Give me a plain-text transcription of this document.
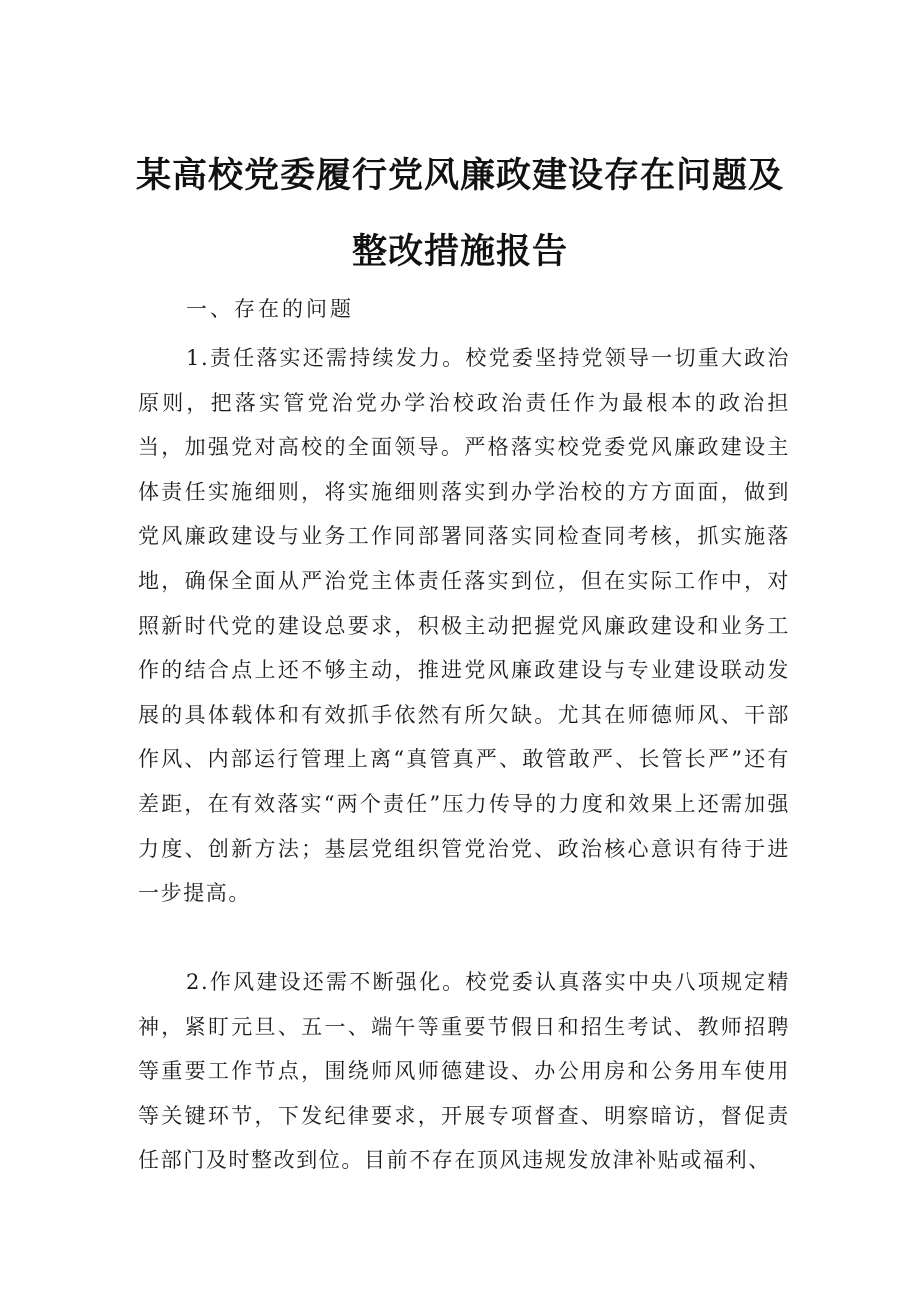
某高校党委履行党风廉政建设存在问题及
整改措施报告

一、存在的问题

1.责任落实还需持续发力。校党委坚持党领导一切重大政治原则，把落实管党治党办学治校政治责任作为最根本的政治担当，加强党对高校的全面领导。严格落实校党委党风廉政建设主体责任实施细则，将实施细则落实到办学治校的方方面面，做到党风廉政建设与业务工作同部署同落实同检查同考核，抓实施落地，确保全面从严治党主体责任落实到位，但在实际工作中，对照新时代党的建设总要求，积极主动把握党风廉政建设和业务工作的结合点上还不够主动，推进党风廉政建设与专业建设联动发展的具体载体和有效抓手依然有所欠缺。尤其在师德师风、干部作风、内部运行管理上离“真管真严、敢管敢严、长管长严”还有差距，在有效落实“两个责任”压力传导的力度和效果上还需加强力度、创新方法；基层党组织管党治党、政治核心意识有待于进一步提高。

2.作风建设还需不断强化。校党委认真落实中央八项规定精神，紧盯元旦、五一、端午等重要节假日和招生考试、教师招聘等重要工作节点，围绕师风师德建设、办公用房和公务用车使用等关键环节，下发纪律要求，开展专项督查、明察暗访，督促责任部门及时整改到位。目前不存在顶风违规发放津补贴或福利、
